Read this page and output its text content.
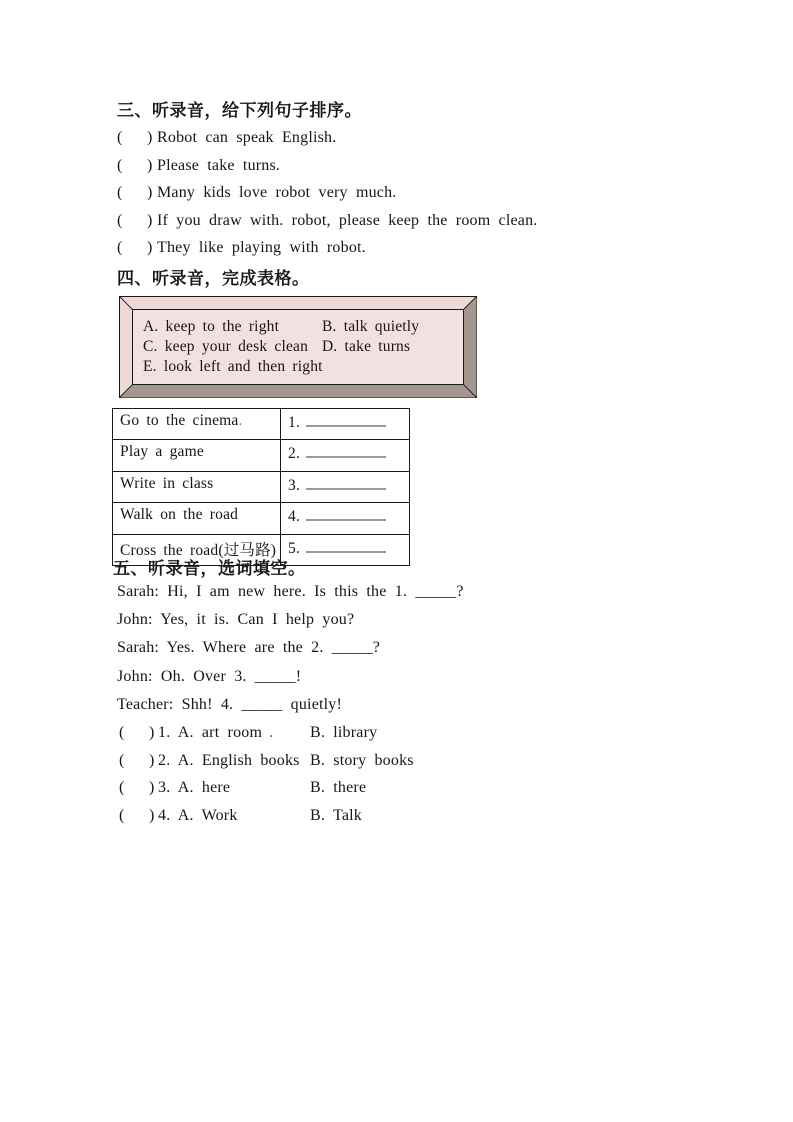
三、听录音，给下列句子排序。
( ) Robot can speak English.
( ) Please take turns.
( ) Many kids love robot very much.
( ) If you draw with. robot, please keep the room clean.
( ) They like playing with robot.
四、听录音，完成表格。
A. keep to the right	B. talk quietly
C. keep your desk clean D. take turns
E. look left and then right
Go to the cinema.	1.
Play a game	2.
Write in class	3.
Walk on the road	4.
Cross the road(过马路)	5.
五、听录音，选词填空。
Sarah: Hi, I am new here. Is this the 1. _____?
John: Yes, it is. Can I help you?
Sarah: Yes. Where are the 2. _____?
John: Oh. Over 3. _____!
Teacher: Shh! 4. _____ quietly!
( ) 1. A. art room . B. library
( ) 2. A. English books B. story books
( ) 3. A. here	B. there
( ) 4. A. Work	B. Talk
